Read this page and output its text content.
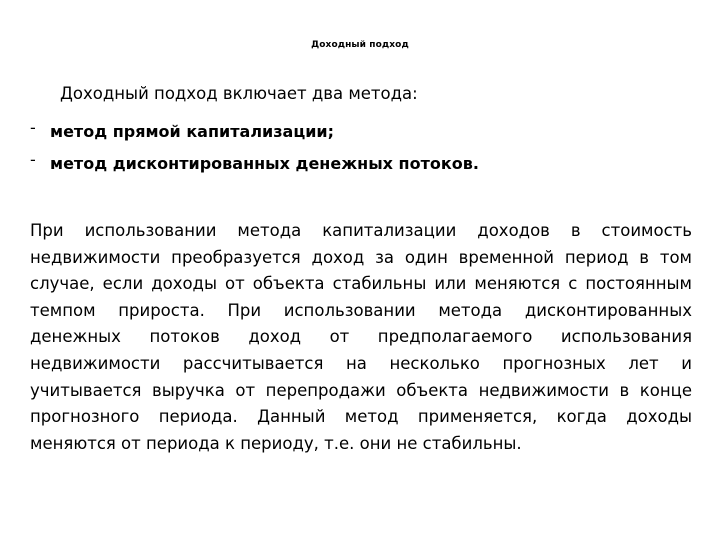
Доходный подход
Доходный подход включает два метода:
- метод прямой капитализации;
- метод дисконтированных денежных потоков.
При использовании метода капитализации доходов в стоимость недвижимости преобразуется доход за один временной период в том случае, если доходы от объекта стабильны или меняются с постоянным темпом прироста. При использовании метода дисконтированных денежных потоков доход от предполагаемого использования недвижимости рассчитывается на несколько прогнозных лет и учитывается выручка от перепродажи объекта недвижимости в конце прогнозного периода. Данный метод применяется, когда доходы меняются от периода к периоду, т.е. они не стабильны.
